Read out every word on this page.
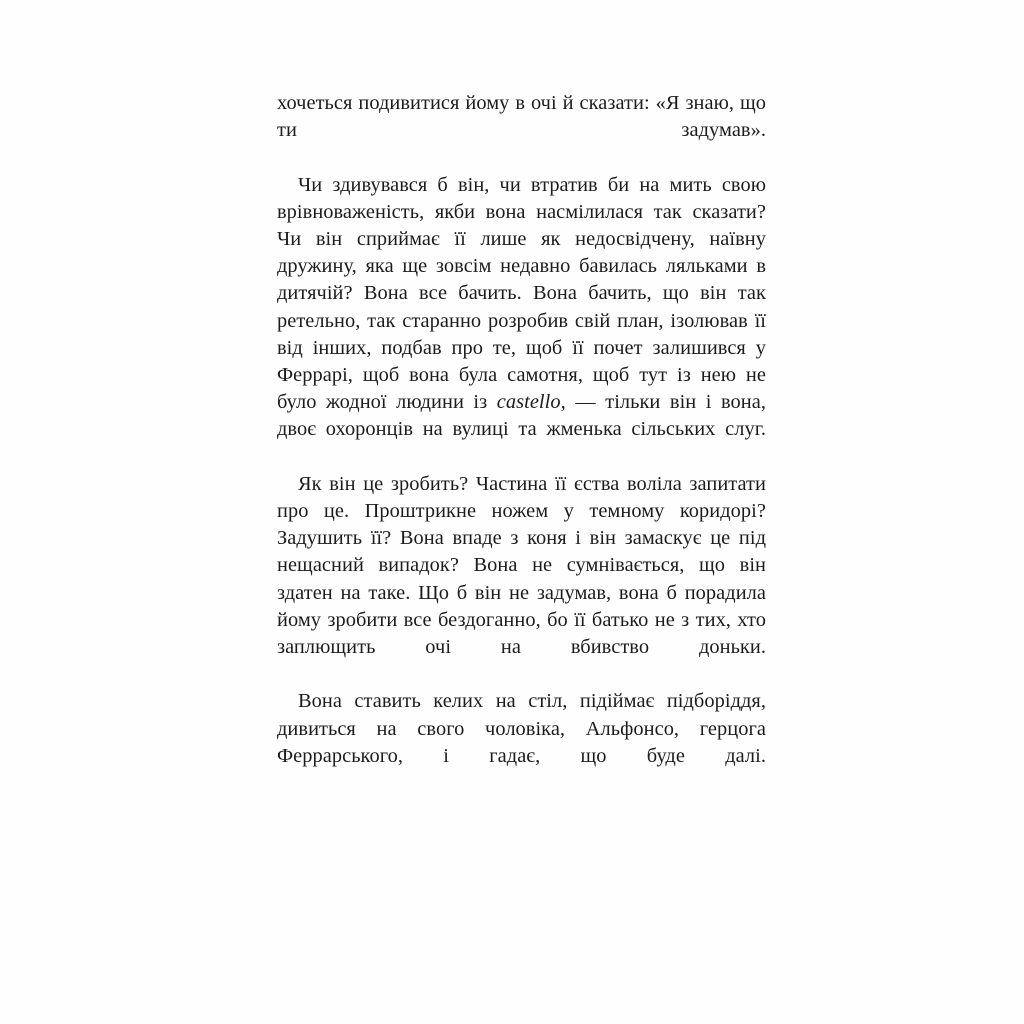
хочеться подивитися йому в очі й сказати: «Я знаю, що ти задумав».

Чи здивувався б він, чи втратив би на мить свою врівноваженість, якби вона насмілилася так сказати? Чи він сприймає її лише як недосвідчену, наївну дружину, яка ще зовсім недавно бавилась ляльками в дитячій? Вона все бачить. Вона бачить, що він так ретельно, так старанно розробив свій план, ізолював її від інших, подбав про те, щоб її почет залишився у Феррарі, щоб вона була самотня, щоб тут із нею не було жодної людини із castello, — тільки він і вона, двоє охоронців на вулиці та жменька сільських слуг.

Як він це зробить? Частина її єства воліла запитати про це. Проштрикне ножем у темному коридорі? Задушить її? Вона впаде з коня і він замаскує це під нещасний випадок? Вона не сумнівається, що він здатен на таке. Що б він не задумав, вона б порадила йому зробити все бездоганно, бо її батько не з тих, хто заплющить очі на вбивство доньки.

Вона ставить келих на стіл, підіймає підборіддя, дивиться на свого чоловіка, Альфонсо, герцога Феррарського, і гадає, що буде далі.
